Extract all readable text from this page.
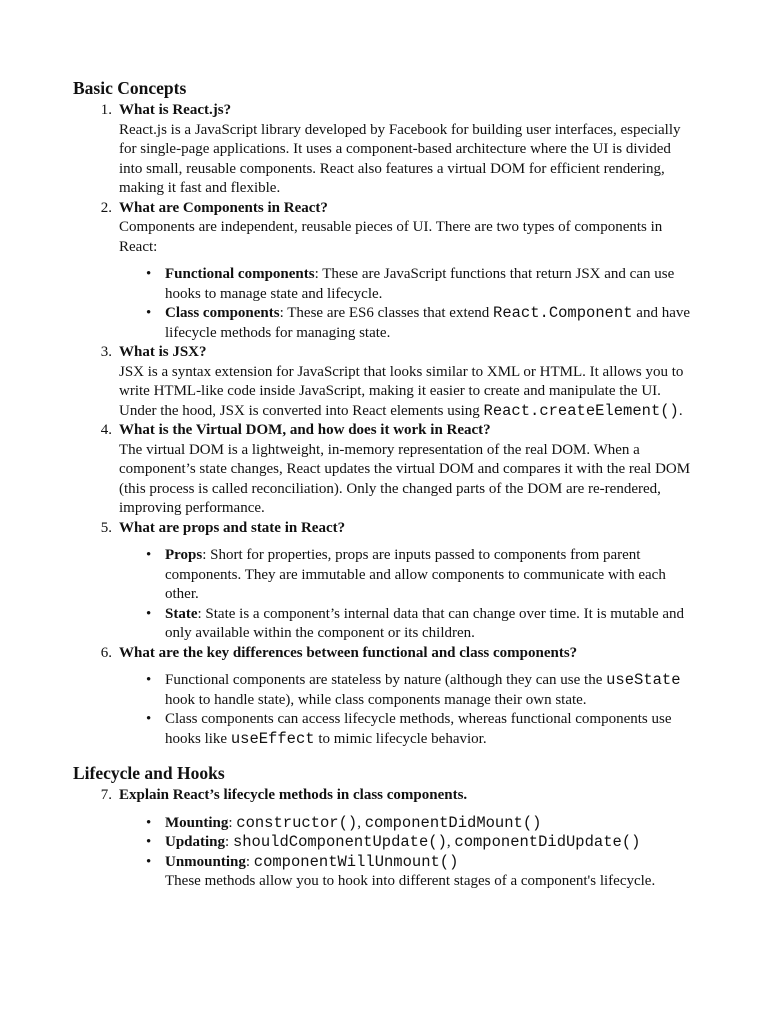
Basic Concepts
1. What is React.js?
React.js is a JavaScript library developed by Facebook for building user interfaces, especially for single-page applications. It uses a component-based architecture where the UI is divided into small, reusable components. React also features a virtual DOM for efficient rendering, making it fast and flexible.
2. What are Components in React?
Components are independent, reusable pieces of UI. There are two types of components in React:
• Functional components: These are JavaScript functions that return JSX and can use hooks to manage state and lifecycle.
• Class components: These are ES6 classes that extend React.Component and have lifecycle methods for managing state.
3. What is JSX?
JSX is a syntax extension for JavaScript that looks similar to XML or HTML. It allows you to write HTML-like code inside JavaScript, making it easier to create and manipulate the UI. Under the hood, JSX is converted into React elements using React.createElement().
4. What is the Virtual DOM, and how does it work in React?
The virtual DOM is a lightweight, in-memory representation of the real DOM. When a component’s state changes, React updates the virtual DOM and compares it with the real DOM (this process is called reconciliation). Only the changed parts of the DOM are re-rendered, improving performance.
5. What are props and state in React?
• Props: Short for properties, props are inputs passed to components from parent components. They are immutable and allow components to communicate with each other.
• State: State is a component’s internal data that can change over time. It is mutable and only available within the component or its children.
6. What are the key differences between functional and class components?
• Functional components are stateless by nature (although they can use the useState hook to handle state), while class components manage their own state.
• Class components can access lifecycle methods, whereas functional components use hooks like useEffect to mimic lifecycle behavior.
Lifecycle and Hooks
7. Explain React’s lifecycle methods in class components.
• Mounting: constructor(), componentDidMount()
• Updating: shouldComponentUpdate(), componentDidUpdate()
• Unmounting: componentWillUnmount()
These methods allow you to hook into different stages of a component's lifecycle.
